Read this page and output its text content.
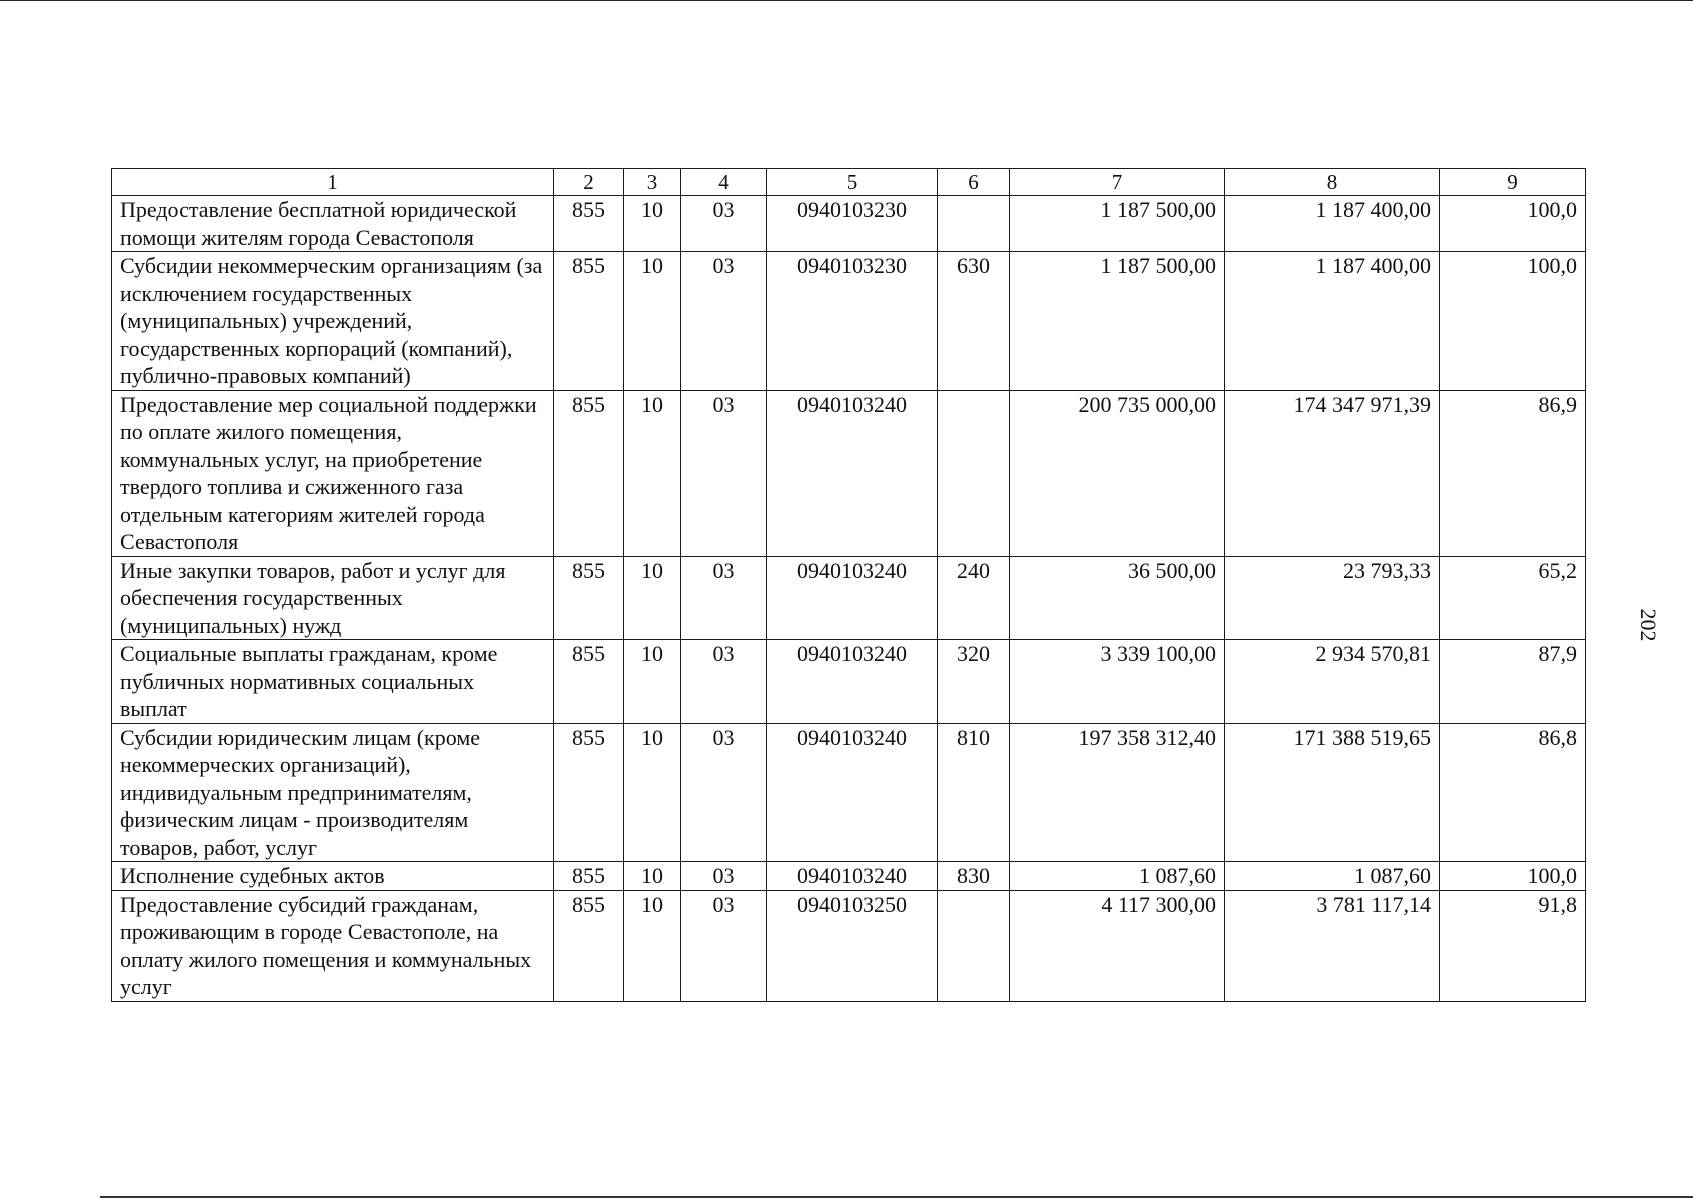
1	2	3	4	5	6	7	8	9
Предоставление бесплатной юридической помощи жителям города Севастополя	855	10	03	0940103230		1 187 500,00	1 187 400,00	100,0
Субсидии некоммерческим организациям (за исключением государственных (муниципальных) учреждений, государственных корпораций (компаний), публично-правовых компаний)	855	10	03	0940103230	630	1 187 500,00	1 187 400,00	100,0
Предоставление мер социальной поддержки по оплате жилого помещения, коммунальных услуг, на приобретение твердого топлива и сжиженного газа отдельным категориям жителей города Севастополя	855	10	03	0940103240		200 735 000,00	174 347 971,39	86,9
Иные закупки товаров, работ и услуг для обеспечения государственных (муниципальных) нужд	855	10	03	0940103240	240	36 500,00	23 793,33	65,2
Социальные выплаты гражданам, кроме публичных нормативных социальных выплат	855	10	03	0940103240	320	3 339 100,00	2 934 570,81	87,9
Субсидии юридическим лицам (кроме некоммерческих организаций), индивидуальным предпринимателям, физическим лицам - производителям товаров, работ, услуг	855	10	03	0940103240	810	197 358 312,40	171 388 519,65	86,8
Исполнение судебных актов	855	10	03	0940103240	830	1 087,60	1 087,60	100,0
Предоставление субсидий гражданам, проживающим в городе Севастополе, на оплату жилого помещения и коммунальных услуг	855	10	03	0940103250		4 117 300,00	3 781 117,14	91,8
202
